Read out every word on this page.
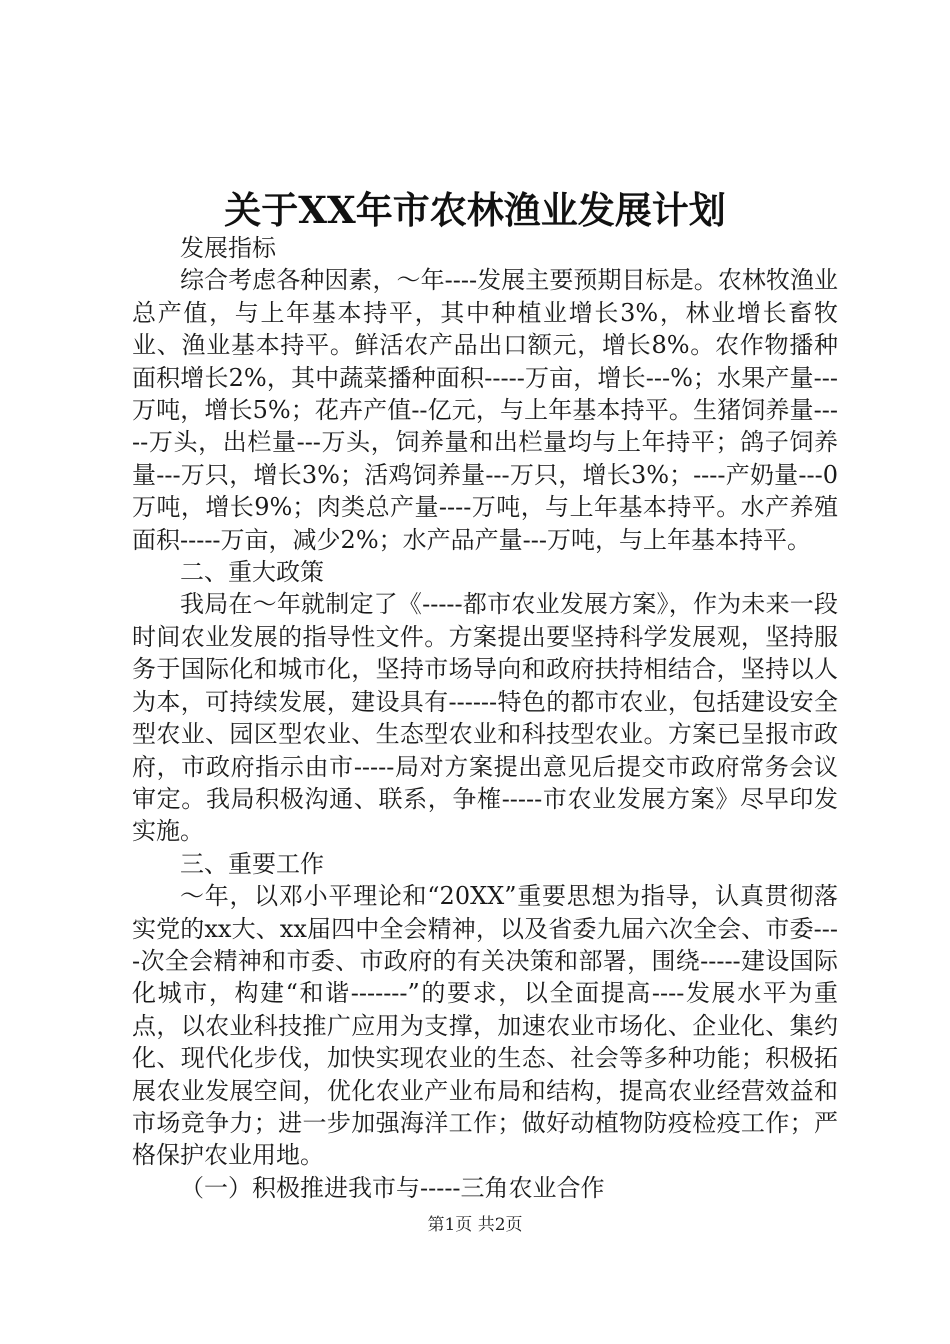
关于XX年市农林渔业发展计划

发展指标

综合考虑各种因素，～年----发展主要预期目标是。农林牧渔业总产值，与上年基本持平，其中种植业增长3%，林业增长畜牧业、渔业基本持平。鲜活农产品出口额元，增长8%。农作物播种面积增长2%，其中蔬菜播种面积-----万亩，增长---%；水果产量---万吨，增长5%；花卉产值--亿元，与上年基本持平。生猪饲养量-----万头，出栏量---万头，饲养量和出栏量均与上年持平；鸽子饲养量---万只，增长3%；活鸡饲养量---万只，增长3%；----产奶量---0万吨，增长9%；肉类总产量----万吨，与上年基本持平。水产养殖面积-----万亩，减少2%；水产品产量---万吨，与上年基本持平。

二、重大政策

我局在～年就制定了《-----都市农业发展方案》，作为未来一段时间农业发展的指导性文件。方案提出要坚持科学发展观，坚持服务于国际化和城市化，坚持市场导向和政府扶持相结合，坚持以人为本，可持续发展，建设具有------特色的都市农业，包括建设安全型农业、园区型农业、生态型农业和科技型农业。方案已呈报市政府，市政府指示由市-----局对方案提出意见后提交市政府常务会议审定。我局积极沟通、联系，争榷-----市农业发展方案》尽早印发实施。

三、重要工作

～年，以邓小平理论和“20XX”重要思想为指导，认真贯彻落实党的xx大、xx届四中全会精神，以及省委九届六次全会、市委----次全会精神和市委、市政府的有关决策和部署，围绕-----建设国际化城市，构建“和谐-------”的要求，以全面提高----发展水平为重点，以农业科技推广应用为支撑，加速农业市场化、企业化、集约化、现代化步伐，加快实现农业的生态、社会等多种功能；积极拓展农业发展空间，优化农业产业布局和结构，提高农业经营效益和市场竞争力；进一步加强海洋工作；做好动植物防疫检疫工作；严格保护农业用地。

（一）积极推进我市与-----三角农业合作

第1页 共2页
